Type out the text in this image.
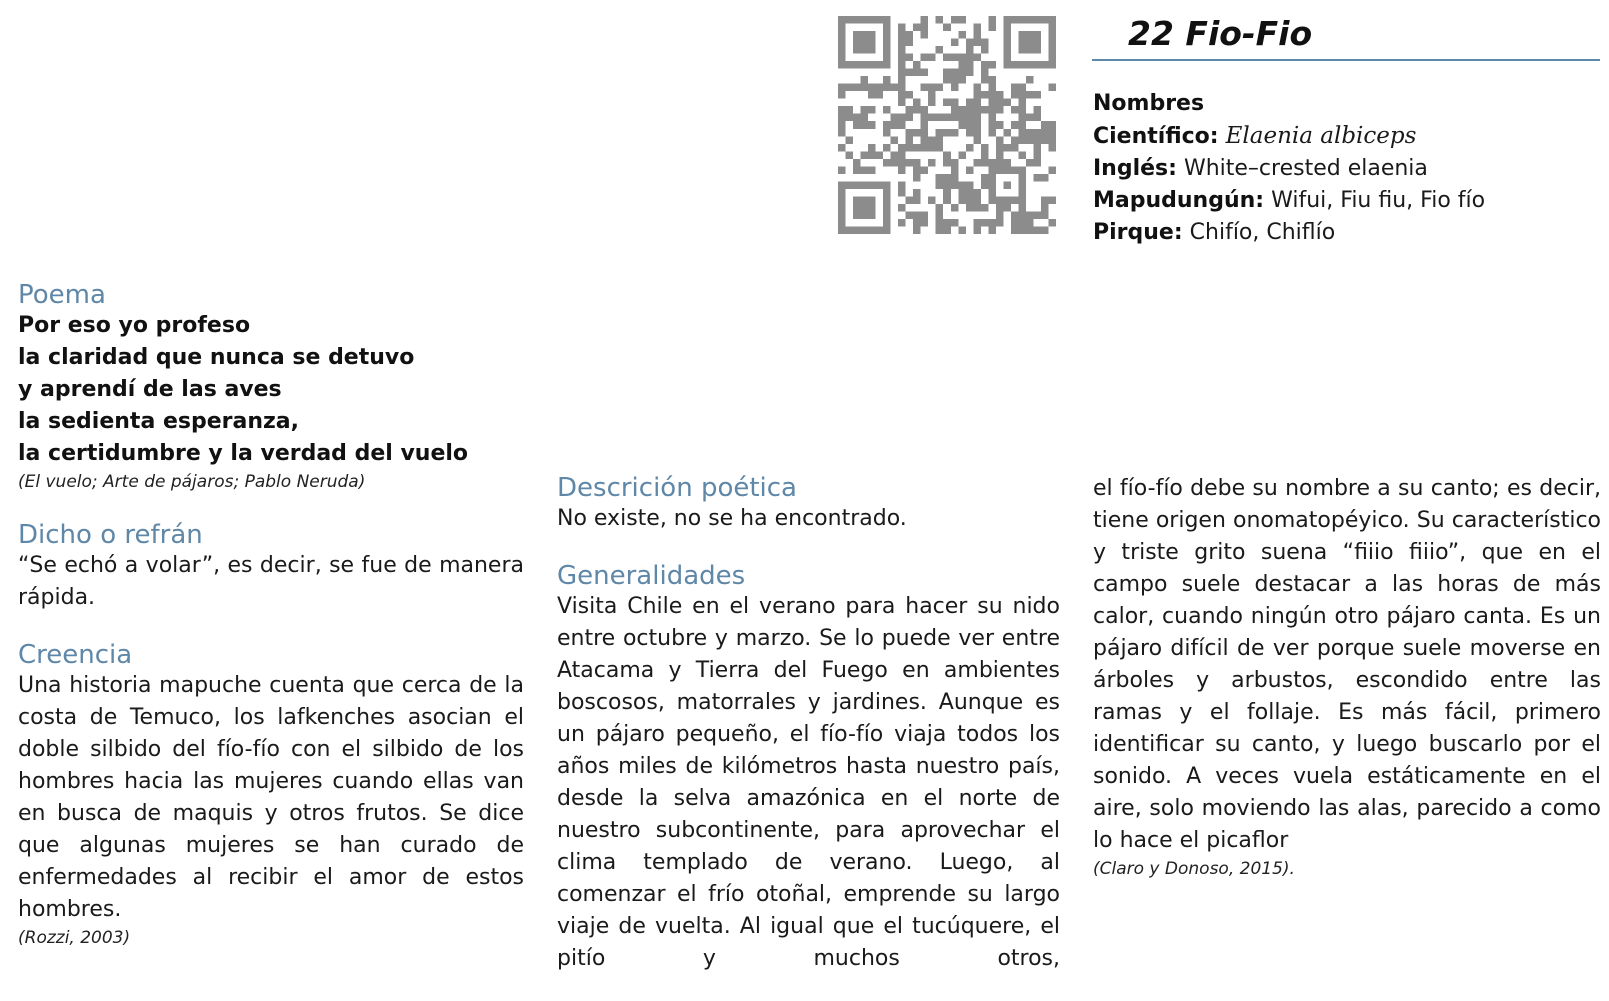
22 Fio-Fio
Nombres
Científico: Elaenia albiceps
Inglés: White–crested elaenia
Mapudungún: Wifui, Fiu fiu, Fio fío
Pirque: Chifío, Chiflío
Poema

Por eso yo profeso

la claridad que nunca se detuvo

y aprendí de las aves

la sedienta esperanza,

la certidumbre y la verdad del vuelo

(El vuelo; Arte de pájaros; Pablo Neruda)

Dicho o refrán

“Se echó a volar”, es decir, se fue de manera rápida.

Creencia

Una historia mapuche cuenta que cerca de la costa de Temuco, los lafkenches asocian el doble silbido del fío-fío con el silbido de los hombres hacia las mujeres cuando ellas van en busca de maquis y otros frutos. Se dice que algunas mujeres se han curado de enfermedades al recibir el amor de estos hombres.

(Rozzi, 2003)

Descrición poética

No existe, no se ha encontrado.

Generalidades

Visita Chile en el verano para hacer su nido entre octubre y marzo. Se lo puede ver entre Atacama y Tierra del Fuego en ambientes boscosos, matorrales y jardines. Aunque es un pájaro pequeño, el fío-fío viaja todos los años miles de kilómetros hasta nuestro país, desde la selva amazónica en el norte de nuestro subcontinente, para aprovechar el clima templado de verano. Luego, al comenzar el frío otoñal, emprende su largo viaje de vuelta. Al igual que el tucúquere, el pitío y muchos otros,

el fío-fío debe su nombre a su canto; es decir, tiene origen onomatopéyico. Su característico y triste grito suena “fiiio fiiio”, que en el campo suele destacar a las horas de más calor, cuando ningún otro pájaro canta. Es un pájaro difícil de ver porque suele moverse en árboles y arbustos, escondido entre las ramas y el follaje. Es más fácil, primero identificar su canto, y luego buscarlo por el sonido. A veces vuela estáticamente en el aire, solo moviendo las alas, parecido a como lo hace el picaflor

(Claro y Donoso, 2015).
